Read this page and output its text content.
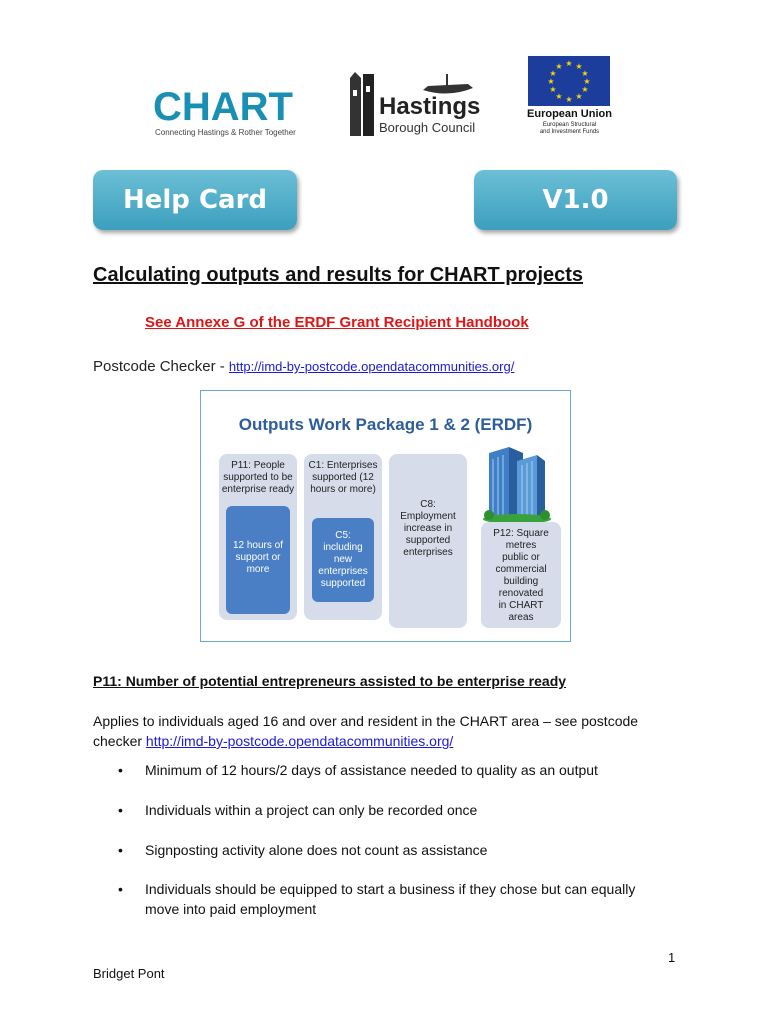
CHART
Connecting Hastings & Rother Together
Hastings
Borough Council
★ ★
★
★
★
★
★
★
★
★
★
★
European Union
European Structural
and Investment Funds
Help Card	V1.0
Calculating outputs and results for CHART projects
See Annexe G of the ERDF Grant Recipient Handbook
Postcode Checker - http://imd-by-postcode.opendatacommunities.org/
Outputs Work Package 1 & 2 (ERDF)
P11: People
supported to be
enterprise ready
12 hours of
support or
more
C1: Enterprises
supported (12
hours or more)
C5:
including
new
enterprises
supported
C8:
Employment
increase in
supported
enterprises
P12: Square
metres
public or
commercial
building
renovated
in CHART
areas
P11: Number of potential entrepreneurs assisted to be enterprise ready
Applies to individuals aged 16 and over and resident in the CHART area – see postcode checker http://imd-by-postcode.opendatacommunities.org/
• Minimum of 12 hours/2 days of assistance needed to quality as an output
• Individuals within a project can only be recorded once
• Signposting activity alone does not count as assistance
• Individuals should be equipped to start a business if they chose but can equally move into paid employment
1
Bridget Pont
